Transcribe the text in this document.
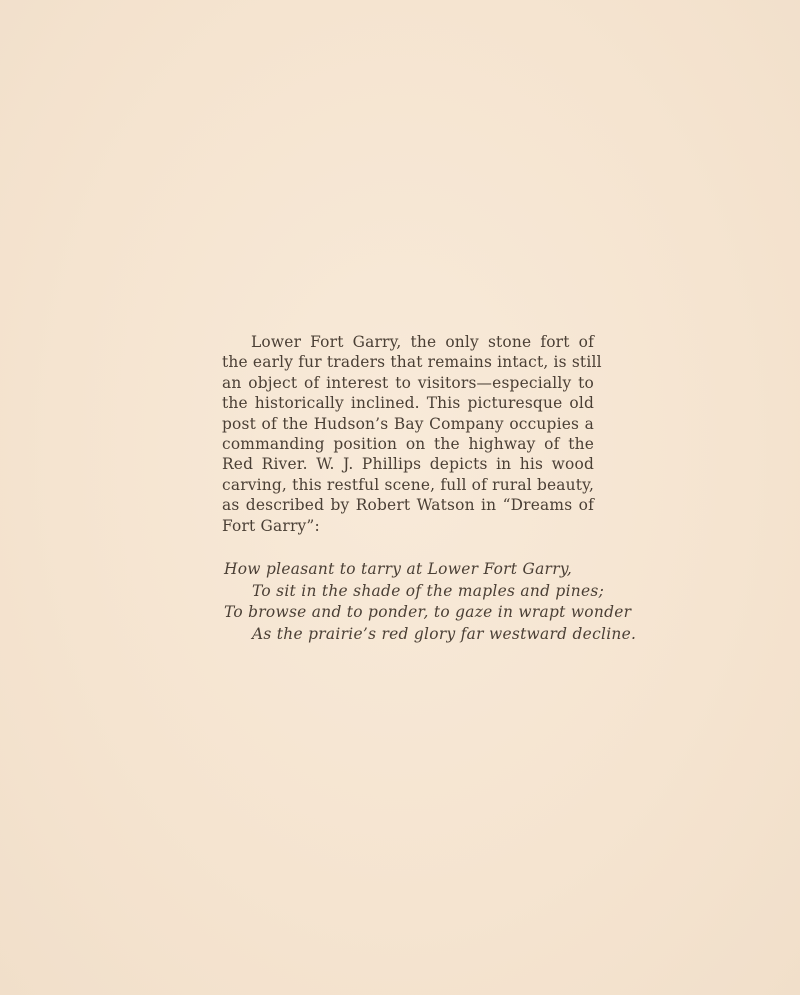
Lower Fort Garry, the only stone fort of
the early fur traders that remains intact, is still
an object of interest to visitors—especially to
the historically inclined. This picturesque old
post of the Hudson’s Bay Company occupies a
commanding position on the highway of the
Red River. W. J. Phillips depicts in his wood
carving, this restful scene, full of rural beauty,
as described by Robert Watson in “Dreams of
Fort Garry”:
How pleasant to tarry at Lower Fort Garry,
To sit in the shade of the maples and pines;
To browse and to ponder, to gaze in wrapt wonder
As the prairie’s red glory far westward decline.
